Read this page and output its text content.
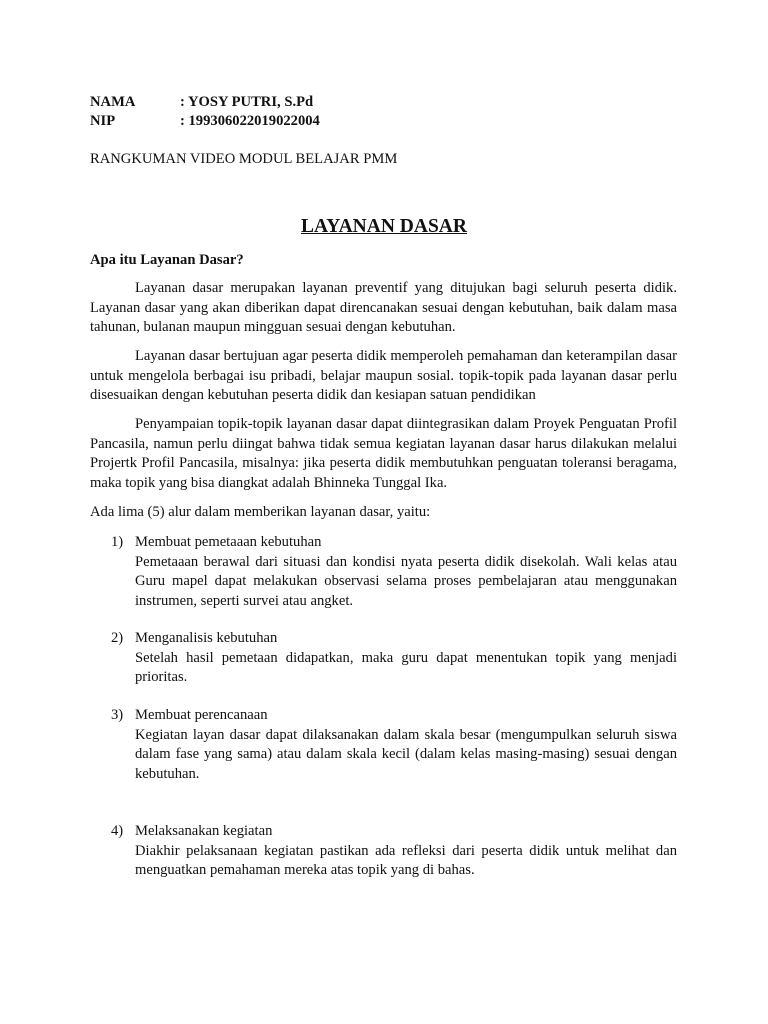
NAMA	: YOSY PUTRI, S.Pd
NIP	: 199306022019022004
RANGKUMAN VIDEO MODUL BELAJAR PMM
LAYANAN DASAR
Apa itu Layanan Dasar?

Layanan dasar merupakan layanan preventif yang ditujukan bagi seluruh peserta didik. Layanan dasar yang akan diberikan dapat direncanakan sesuai dengan kebutuhan, baik dalam masa tahunan, bulanan maupun mingguan sesuai dengan kebutuhan.

Layanan dasar bertujuan agar peserta didik memperoleh pemahaman dan keterampilan dasar untuk mengelola berbagai isu pribadi, belajar maupun sosial. topik-topik pada layanan dasar perlu disesuaikan dengan kebutuhan peserta didik dan kesiapan satuan pendidikan

Penyampaian topik-topik layanan dasar dapat diintegrasikan dalam Proyek Penguatan Profil Pancasila, namun perlu diingat bahwa tidak semua kegiatan layanan dasar harus dilakukan melalui Projertk Profil Pancasila, misalnya: jika peserta didik membutuhkan penguatan toleransi beragama, maka topik yang bisa diangkat adalah Bhinneka Tunggal Ika.

Ada lima (5) alur dalam memberikan layanan dasar, yaitu:

1) Membuat pemetaaan kebutuhan

Pemetaaan berawal dari situasi dan kondisi nyata peserta didik disekolah. Wali kelas atau Guru mapel dapat melakukan observasi selama proses pembelajaran atau menggunakan instrumen, seperti survei atau angket.

2) Menganalisis kebutuhan

Setelah hasil pemetaan didapatkan, maka guru dapat menentukan topik yang menjadi prioritas.

3) Membuat perencanaan

Kegiatan layan dasar dapat dilaksanakan dalam skala besar (mengumpulkan seluruh siswa dalam fase yang sama) atau dalam skala kecil (dalam kelas masing-masing) sesuai dengan kebutuhan.

4) Melaksanakan kegiatan

Diakhir pelaksanaan kegiatan pastikan ada refleksi dari peserta didik untuk melihat dan menguatkan pemahaman mereka atas topik yang di bahas.
